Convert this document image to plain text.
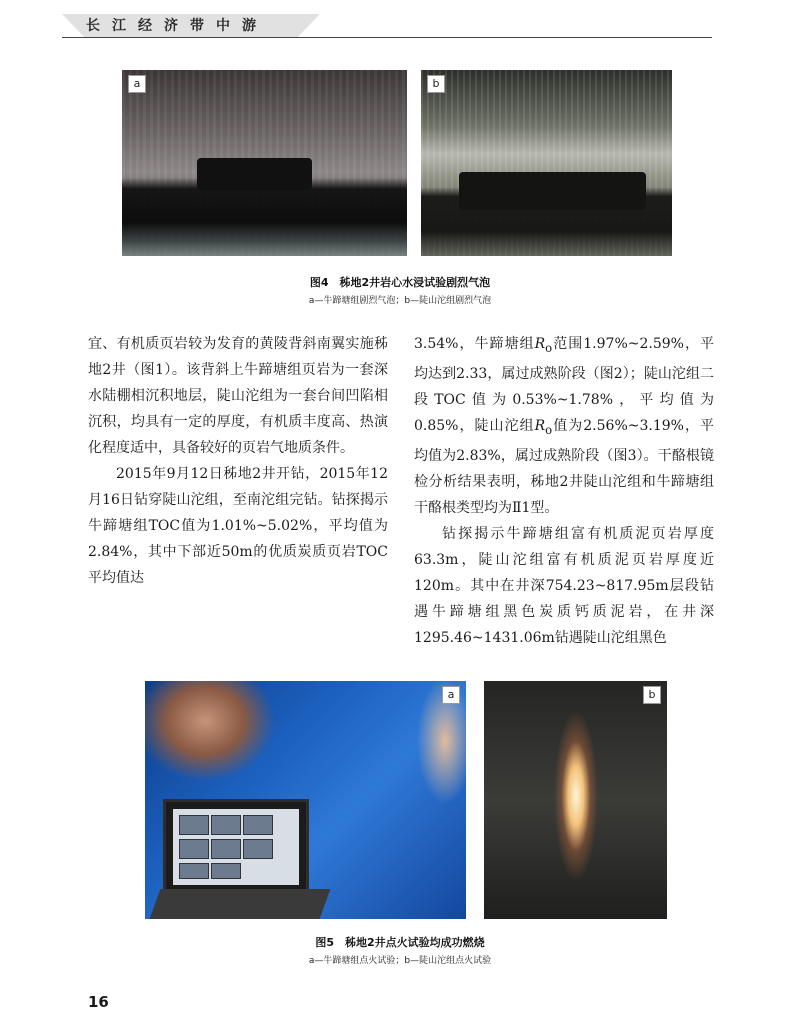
长江经济带中游
a	b
图4　秭地2井岩心水浸试验剧烈气泡
a—牛蹄塘组剧烈气泡；b—陡山沱组剧烈气泡

宜、有机质页岩较为发育的黄陵背斜南翼实施秭地2井（图1）。该背斜上牛蹄塘组页岩为一套深水陆棚相沉积地层，陡山沱组为一套台间凹陷相沉积，均具有一定的厚度，有机质丰度高、热演化程度适中，具备较好的页岩气地质条件。

2015年9月12日秭地2井开钻，2015年12月16日钻穿陡山沱组，至南沱组完钻。钻探揭示牛蹄塘组TOC值为1.01%~5.02%，平均值为2.84%，其中下部近50m的优质炭质页岩TOC平均值达

3.54%，牛蹄塘组$R_o$范围1.97%~2.59%，平均达到2.33，属过成熟阶段（图2）；陡山沱组二段TOC值为0.53%~1.78%，平均值为0.85%，陡山沱组$R_o$值为2.56%~3.19%，平均值为2.83%，属过成熟阶段（图3）。干酪根镜检分析结果表明，秭地2井陡山沱组和牛蹄塘组干酪根类型均为Ⅱ1型。

钻探揭示牛蹄塘组富有机质泥页岩厚度63.3m，陡山沱组富有机质泥页岩厚度近120m。其中在井深754.23~817.95m层段钻遇牛蹄塘组黑色炭质钙质泥岩，在井深1295.46~1431.06m钻遇陡山沱组黑色

a	b
图5　秭地2井点火试验均成功燃烧
a—牛蹄塘组点火试验；b—陡山沱组点火试验
16
